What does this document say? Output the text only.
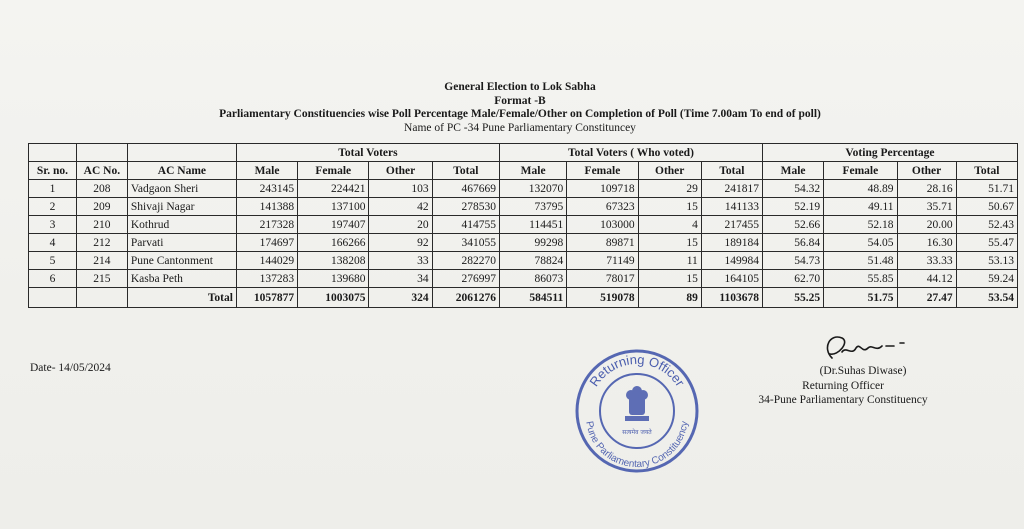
General Election to Lok Sabha
Format -B
Parliamentary Constituencies wise Poll Percentage Male/Female/Other on Completion of Poll (Time 7.00am To end of poll)
Name of PC -34 Pune Parliamentary Constituncey
			Total Voters				Total Voters ( Who voted)				Voting Percentage			
Sr. no.	AC No.	AC Name	Male	Female	Other	Total	Male	Female	Other	Total	Male	Female	Other	Total
1	208	Vadgaon Sheri	243145	224421	103	467669	132070	109718	29	241817	54.32	48.89	28.16	51.71
2	209	Shivaji Nagar	141388	137100	42	278530	73795	67323	15	141133	52.19	49.11	35.71	50.67
3	210	Kothrud	217328	197407	20	414755	114451	103000	4	217455	52.66	52.18	20.00	52.43
4	212	Parvati	174697	166266	92	341055	99298	89871	15	189184	56.84	54.05	16.30	55.47
5	214	Pune Cantonment	144029	138208	33	282270	78824	71149	11	149984	54.73	51.48	33.33	53.13
6	215	Kasba Peth	137283	139680	34	276997	86073	78017	15	164105	62.70	55.85	44.12	59.24
		Total	1057877	1003075	324	2061276	584511	519078	89	1103678	55.25	51.75	27.47	53.54
Date- 14/05/2024
Returning Officer
Pune Parliamentary Constituency
सत्यमेव जयते
(Dr.Suhas Diwase)
Returning Officer
34-Pune Parliamentary Constituency
